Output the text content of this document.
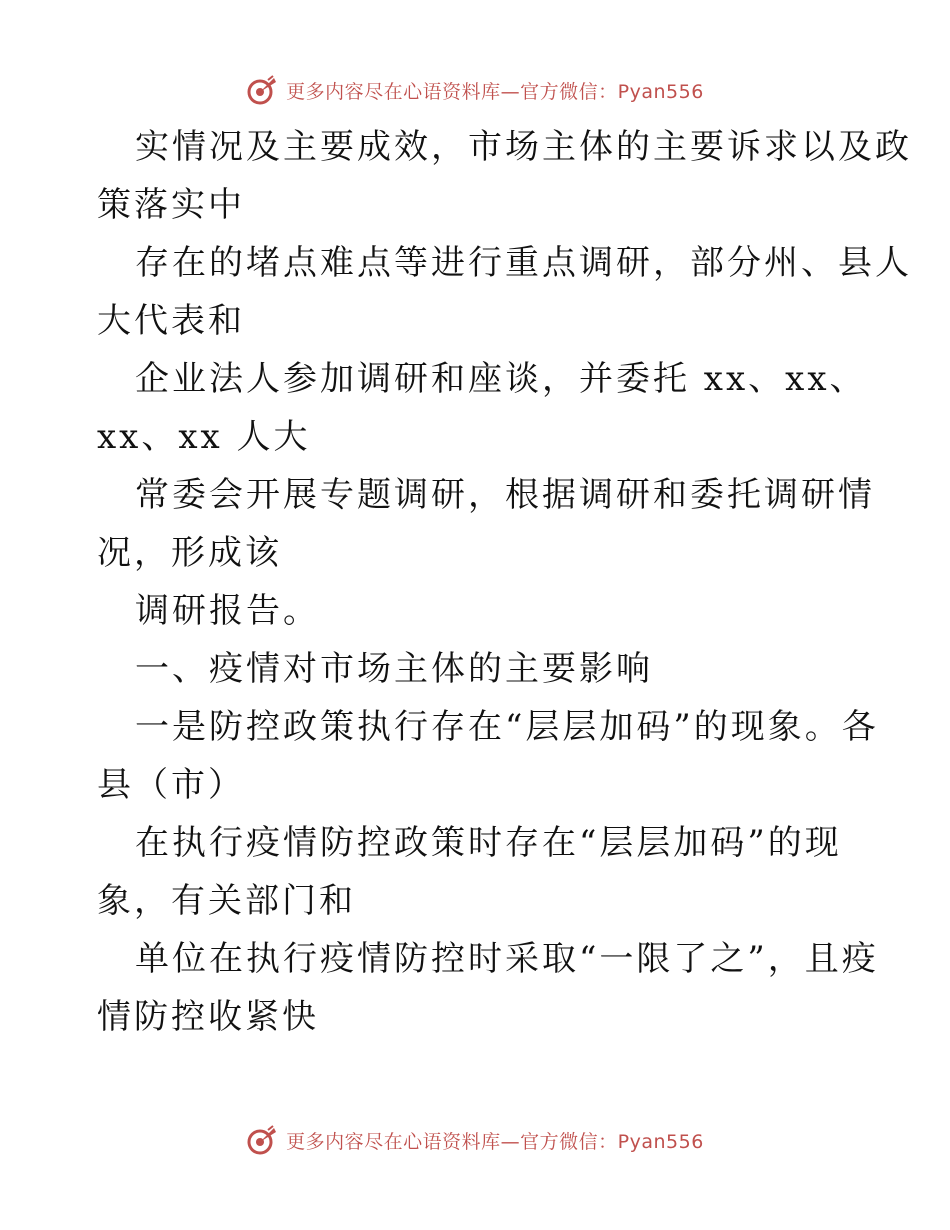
更多内容尽在心语资料库—官方微信：Pyan556
实情况及主要成效，市场主体的主要诉求以及政
策落实中
存在的堵点难点等进行重点调研，部分州、县人
大代表和
企业法人参加调研和座谈，并委托 xx、xx、
xx、xx 人大
常委会开展专题调研，根据调研和委托调研情
况，形成该
调研报告。
一、疫情对市场主体的主要影响
一是防控政策执行存在“层层加码”的现象。各
县（市）
在执行疫情防控政策时存在“层层加码”的现
象，有关部门和
单位在执行疫情防控时采取“一限了之”，且疫
情防控收紧快
更多内容尽在心语资料库—官方微信：Pyan556
